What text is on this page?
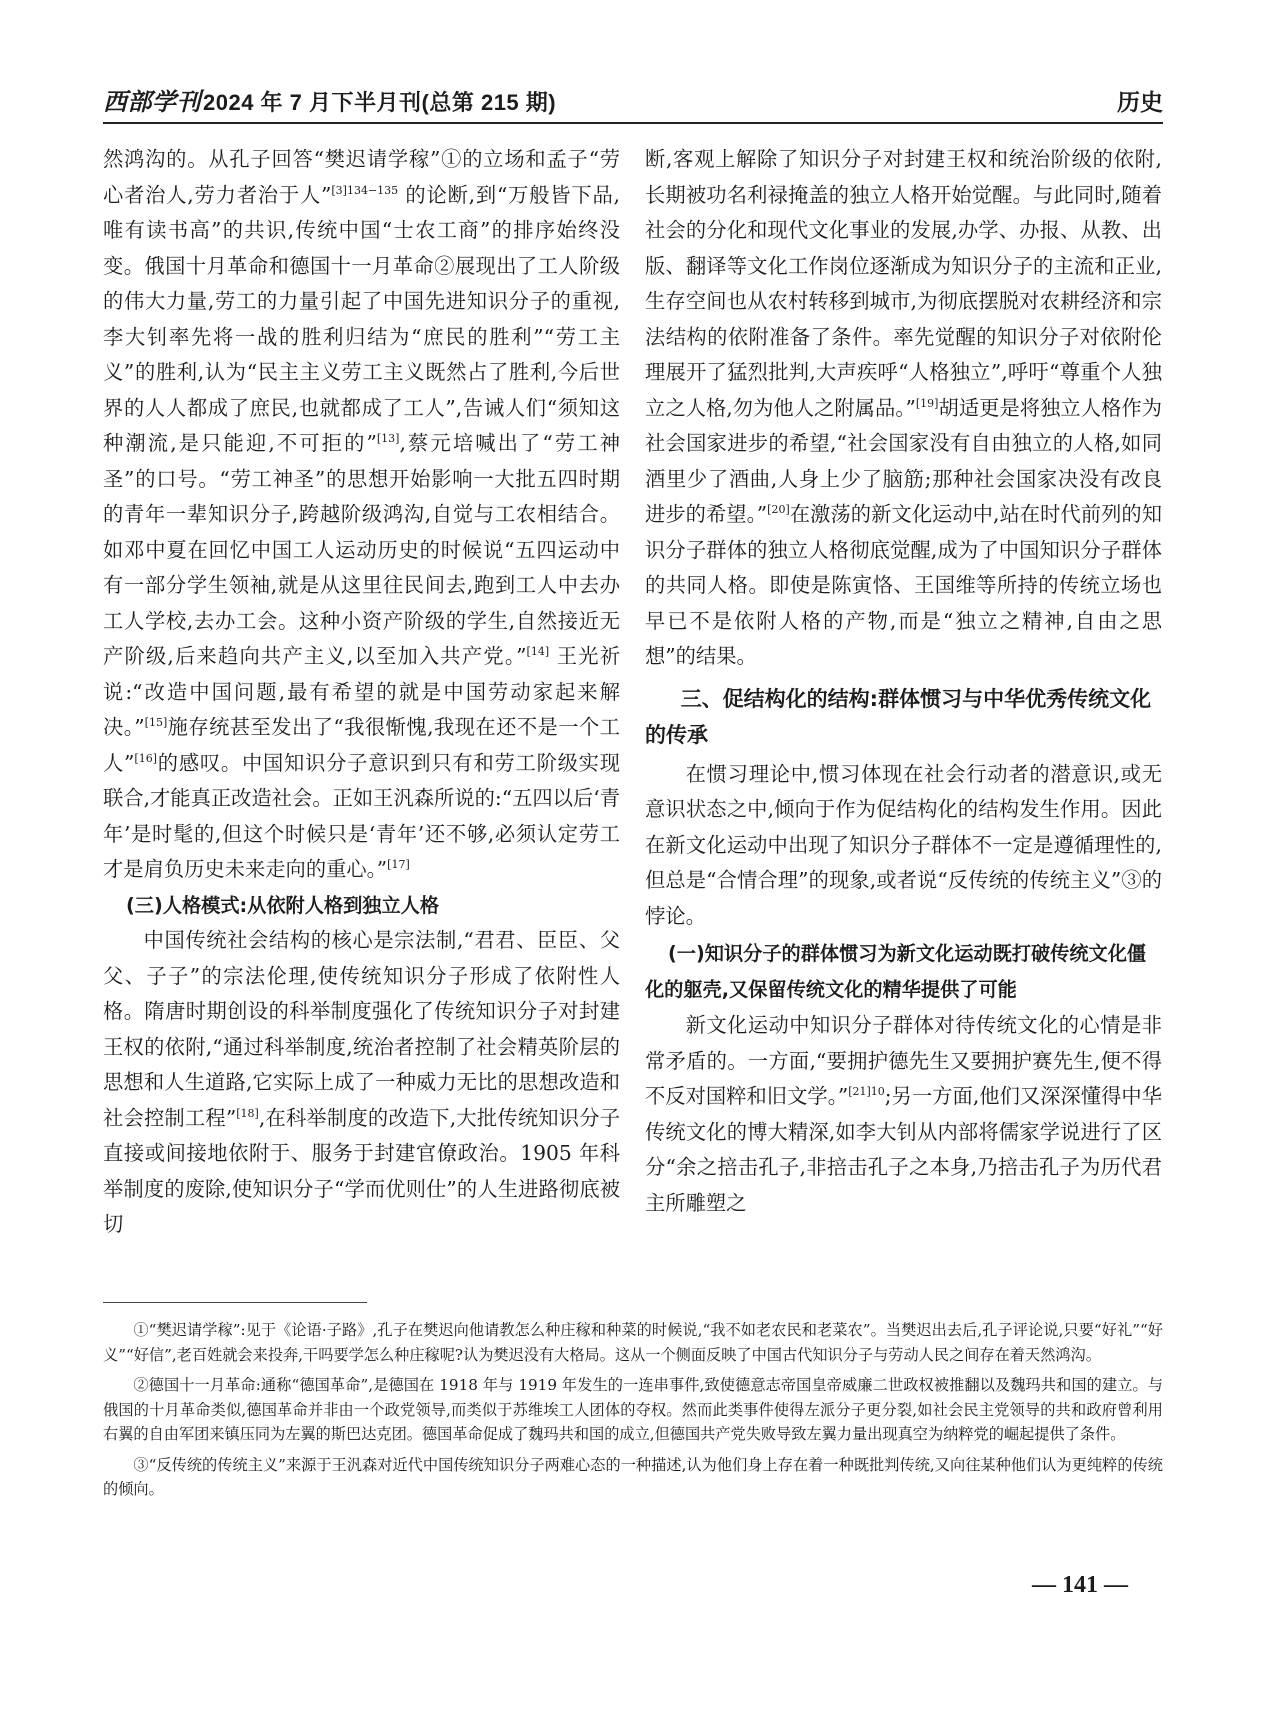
西部学刊2024 年 7 月下半月刊(总第 215 期)	历史

然鸿沟的。从孔子回答“樊迟请学稼”①的立场和孟子“劳心者治人,劳力者治于人”$^{[3]134-135}$ 的论断,到“万般皆下品,唯有读书高”的共识,传统中国“士农工商”的排序始终没变。俄国十月革命和德国十一月革命②展现出了工人阶级的伟大力量,劳工的力量引起了中国先进知识分子的重视,李大钊率先将一战的胜利归结为“庶民的胜利”“劳工主义”的胜利,认为“民主主义劳工主义既然占了胜利,今后世界的人人都成了庶民,也就都成了工人”,告诫人们“须知这种潮流,是只能迎,不可拒的”[13],蔡元培喊出了“劳工神圣”的口号。“劳工神圣”的思想开始影响一大批五四时期的青年一辈知识分子,跨越阶级鸿沟,自觉与工农相结合。如邓中夏在回忆中国工人运动历史的时候说“五四运动中有一部分学生领袖,就是从这里往民间去,跑到工人中去办工人学校,去办工会。这种小资产阶级的学生,自然接近无产阶级,后来趋向共产主义,以至加入共产党。”[14] 王光祈说:“改造中国问题,最有希望的就是中国劳动家起来解决。”[15]施存统甚至发出了“我很惭愧,我现在还不是一个工人”[16]的感叹。中国知识分子意识到只有和劳工阶级实现联合,才能真正改造社会。正如王汎森所说的:“五四以后‘青年’是时髦的,但这个时候只是‘青年’还不够,必须认定劳工才是肩负历史未来走向的重心。”[17]

(三)人格模式:从依附人格到独立人格

中国传统社会结构的核心是宗法制,“君君、臣臣、父父、子子”的宗法伦理,使传统知识分子形成了依附性人格。隋唐时期创设的科举制度强化了传统知识分子对封建王权的依附,“通过科举制度,统治者控制了社会精英阶层的思想和人生道路,它实际上成了一种威力无比的思想改造和社会控制工程”[18],在科举制度的改造下,大批传统知识分子直接或间接地依附于、服务于封建官僚政治。1905 年科举制度的废除,使知识分子“学而优则仕”的人生进路彻底被切

断,客观上解除了知识分子对封建王权和统治阶级的依附,长期被功名利禄掩盖的独立人格开始觉醒。与此同时,随着社会的分化和现代文化事业的发展,办学、办报、从教、出版、翻译等文化工作岗位逐渐成为知识分子的主流和正业,生存空间也从农村转移到城市,为彻底摆脱对农耕经济和宗法结构的依附准备了条件。率先觉醒的知识分子对依附伦理展开了猛烈批判,大声疾呼“人格独立”,呼吁“尊重个人独立之人格,勿为他人之附属品。”[19]胡适更是将独立人格作为社会国家进步的希望,“社会国家没有自由独立的人格,如同酒里少了酒曲,人身上少了脑筋;那种社会国家决没有改良进步的希望。”[20]在激荡的新文化运动中,站在时代前列的知识分子群体的独立人格彻底觉醒,成为了中国知识分子群体的共同人格。即使是陈寅恪、王国维等所持的传统立场也早已不是依附人格的产物,而是“独立之精神,自由之思想”的结果。

三、促结构化的结构:群体惯习与中华优秀传统文化的传承

在惯习理论中,惯习体现在社会行动者的潜意识,或无意识状态之中,倾向于作为促结构化的结构发生作用。因此在新文化运动中出现了知识分子群体不一定是遵循理性的,但总是“合情合理”的现象,或者说“反传统的传统主义”③的悖论。

(一)知识分子的群体惯习为新文化运动既打破传统文化僵化的躯壳,又保留传统文化的精华提供了可能

新文化运动中知识分子群体对待传统文化的心情是非常矛盾的。一方面,“要拥护德先生又要拥护赛先生,便不得不反对国粹和旧文学。”$^{[21]10}$;另一方面,他们又深深懂得中华传统文化的博大精深,如李大钊从内部将儒家学说进行了区分“余之掊击孔子,非掊击孔子之本身,乃掊击孔子为历代君主所雕塑之

①“樊迟请学稼”:见于《论语·子路》,孔子在樊迟向他请教怎么种庄稼和种菜的时候说,“我不如老农民和老菜农”。当樊迟出去后,孔子评论说,只要“好礼”“好义”“好信”,老百姓就会来投奔,干吗要学怎么种庄稼呢?认为樊迟没有大格局。这从一个侧面反映了中国古代知识分子与劳动人民之间存在着天然鸿沟。

②德国十一月革命:通称“德国革命”,是德国在 1918 年与 1919 年发生的一连串事件,致使德意志帝国皇帝威廉二世政权被推翻以及魏玛共和国的建立。与俄国的十月革命类似,德国革命并非由一个政党领导,而类似于苏维埃工人团体的夺权。然而此类事件使得左派分子更分裂,如社会民主党领导的共和政府曾利用右翼的自由军团来镇压同为左翼的斯巴达克团。德国革命促成了魏玛共和国的成立,但德国共产党失败导致左翼力量出现真空为纳粹党的崛起提供了条件。

③“反传统的传统主义”来源于王汎森对近代中国传统知识分子两难心态的一种描述,认为他们身上存在着一种既批判传统,又向往某种他们认为更纯粹的传统的倾向。

— 141 —
